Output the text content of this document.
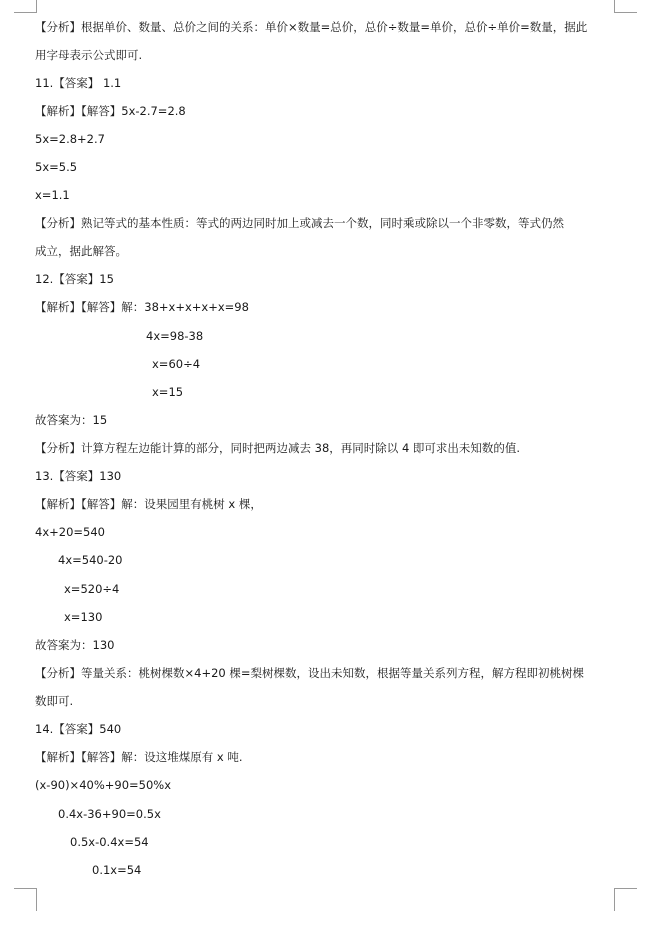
【分析】根据单价、数量、总价之间的关系：单价×数量=总价，总价÷数量=单价，总价÷单价=数量，据此
用字母表示公式即可.
11.【答案】 1.1
【解析】【解答】5x-2.7=2.8
5x=2.8+2.7
5x=5.5
x=1.1
【分析】熟记等式的基本性质：等式的两边同时加上或减去一个数，同时乘或除以一个非零数，等式仍然
成立，据此解答。
12.【答案】15
【解析】【解答】解：38+x+x+x+x=98
4x=98-38
x=60÷4
x=15
故答案为：15
【分析】计算方程左边能计算的部分，同时把两边减去 38，再同时除以 4 即可求出未知数的值.
13.【答案】130
【解析】【解答】解：设果园里有桃树 x 棵，
4x+20=540
4x=540-20
x=520÷4
x=130
故答案为：130
【分析】等量关系：桃树棵数×4+20 棵=梨树棵数，设出未知数，根据等量关系列方程，解方程即初桃树棵
数即可.
14.【答案】540
【解析】【解答】解：设这堆煤原有 x 吨.
(x-90)×40%+90=50%x
0.4x-36+90=0.5x
0.5x-0.4x=54
0.1x=54
